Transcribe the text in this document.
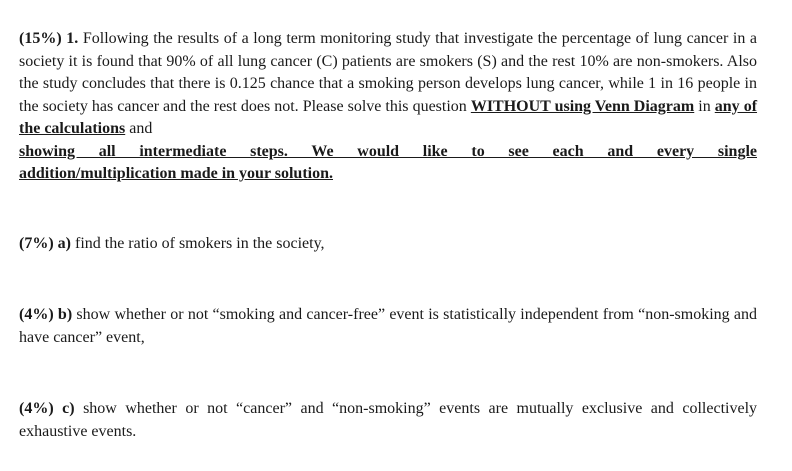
(15%) 1. Following the results of a long term monitoring study that investigate the percentage of lung cancer in a society it is found that 90% of all lung cancer (C) patients are smokers (S) and the rest 10% are non-smokers. Also the study concludes that there is 0.125 chance that a smoking person develops lung cancer, while 1 in 16 people in the society has cancer and the rest does not. Please solve this question WITHOUT using Venn Diagram in any of the calculations and
showing all intermediate steps. We would like to see each and every single
addition/multiplication made in your solution.
(7%) a) find the ratio of smokers in the society,
(4%) b) show whether or not “smoking and cancer-free” event is statistically independent from “non-smoking and have cancer” event,
(4%) c) show whether or not “cancer” and “non-smoking” events are mutually exclusive and collectively exhaustive events.
